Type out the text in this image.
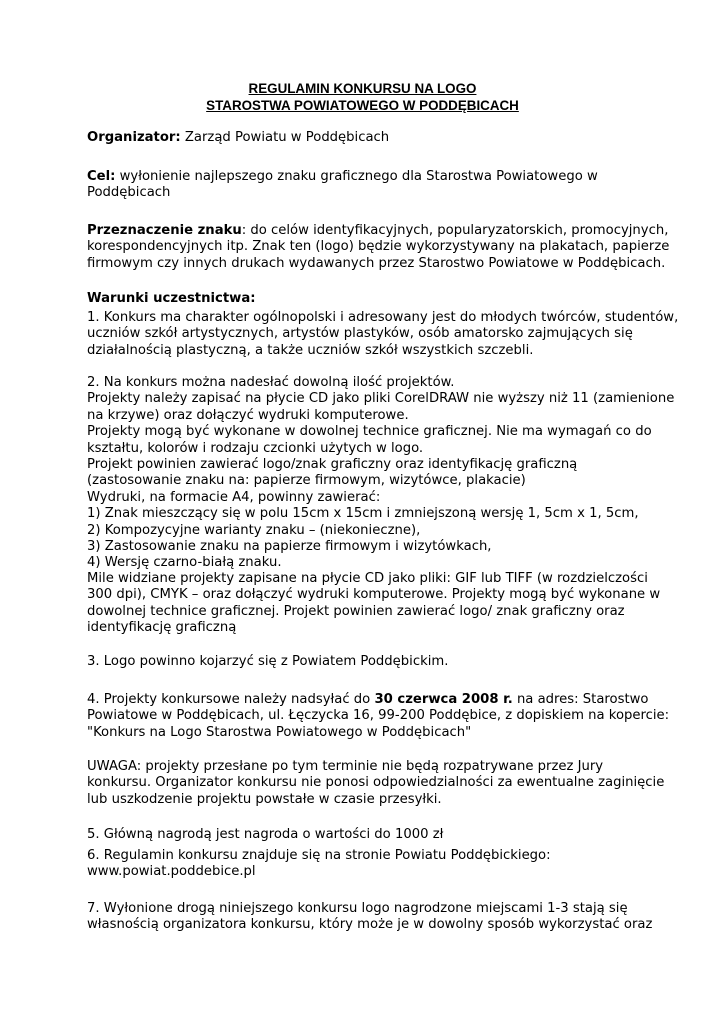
REGULAMIN KONKURSU NA LOGO
STAROSTWA POWIATOWEGO W PODDĘBICACH
Organizator: Zarząd Powiatu w Poddębicach
Cel: wyłonienie najlepszego znaku graficznego dla Starostwa Powiatowego w
Poddębicach
Przeznaczenie znaku: do celów identyfikacyjnych, popularyzatorskich, promocyjnych,
korespondencyjnych itp. Znak ten (logo) będzie wykorzystywany na plakatach, papierze
firmowym czy innych drukach wydawanych przez Starostwo Powiatowe w Poddębicach.
Warunki uczestnictwa:
1. Konkurs ma charakter ogólnopolski i adresowany jest do młodych twórców, studentów,
uczniów szkół artystycznych, artystów plastyków, osób amatorsko zajmujących się
działalnością plastyczną, a także uczniów szkół wszystkich szczebli.
2. Na konkurs można nadesłać dowolną ilość projektów.
Projekty należy zapisać na płycie CD jako pliki CorelDRAW nie wyższy niż 11 (zamienione
na krzywe) oraz dołączyć wydruki komputerowe.
Projekty mogą być wykonane w dowolnej technice graficznej. Nie ma wymagań co do
kształtu, kolorów i rodzaju czcionki użytych w logo.
Projekt powinien zawierać logo/znak graficzny oraz identyfikację graficzną
(zastosowanie znaku na: papierze firmowym, wizytówce, plakacie)
Wydruki, na formacie A4, powinny zawierać:
1) Znak mieszczący się w polu 15cm x 15cm i zmniejszoną wersję 1, 5cm x 1, 5cm,
2) Kompozycyjne warianty znaku – (niekonieczne),
3) Zastosowanie znaku na papierze firmowym i wizytówkach,
4) Wersję czarno-białą znaku.
Mile widziane projekty zapisane na płycie CD jako pliki: GIF lub TIFF (w rozdzielczości
300 dpi), CMYK – oraz dołączyć wydruki komputerowe. Projekty mogą być wykonane w
dowolnej technice graficznej. Projekt powinien zawierać logo/ znak graficzny oraz
identyfikację graficzną
3. Logo powinno kojarzyć się z Powiatem Poddębickim.
4. Projekty konkursowe należy nadsyłać do 30 czerwca 2008 r. na adres: Starostwo
Powiatowe w Poddębicach, ul. Łęczycka 16, 99-200 Poddębice, z dopiskiem na kopercie:
"Konkurs na Logo Starostwa Powiatowego w Poddębicach"
UWAGA: projekty przesłane po tym terminie nie będą rozpatrywane przez Jury
konkursu. Organizator konkursu nie ponosi odpowiedzialności za ewentualne zaginięcie
lub uszkodzenie projektu powstałe w czasie przesyłki.
5. Główną nagrodą jest nagroda o wartości do 1000 zł
6. Regulamin konkursu znajduje się na stronie Powiatu Poddębickiego:
www.powiat.poddebice.pl
7. Wyłonione drogą niniejszego konkursu logo nagrodzone miejscami 1-3 stają się
własnością organizatora konkursu, który może je w dowolny sposób wykorzystać oraz
